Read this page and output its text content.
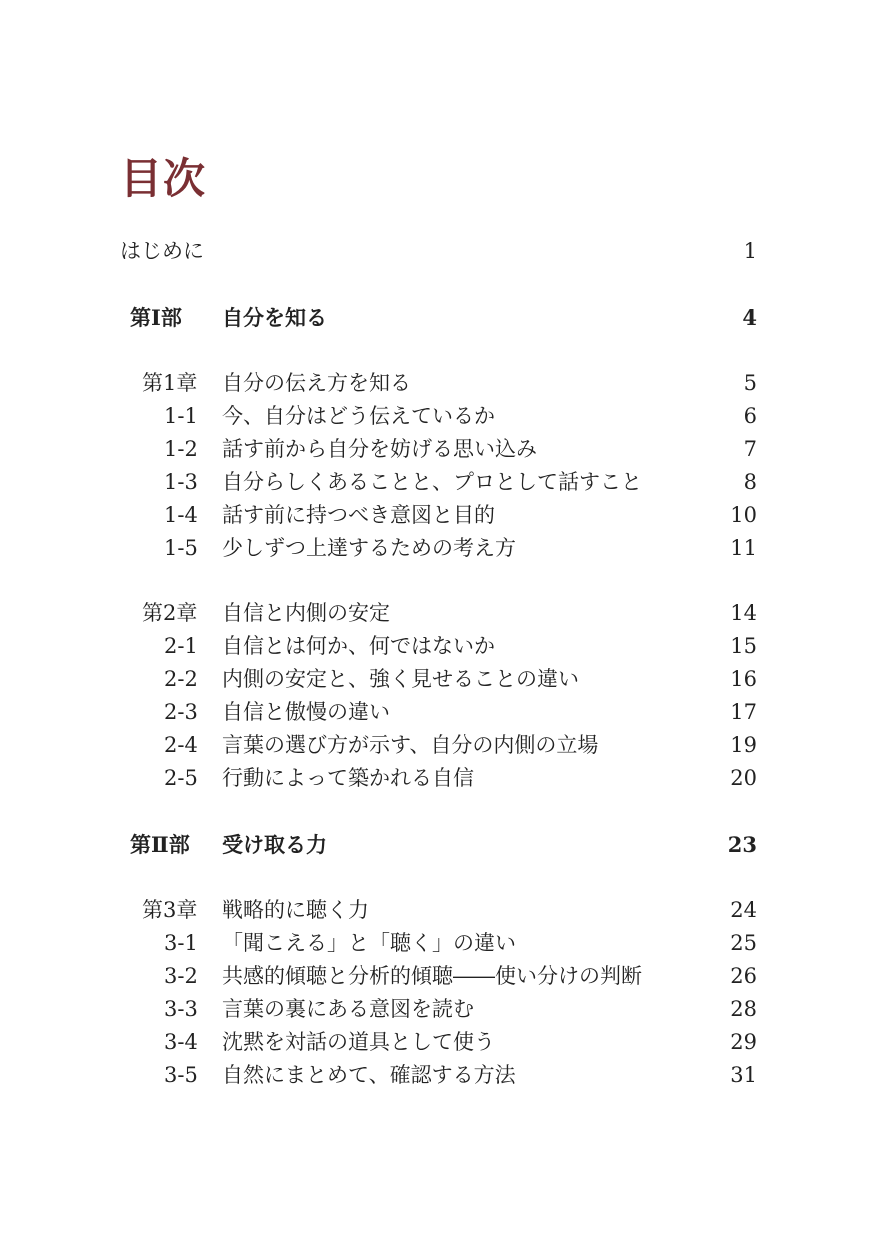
目次
はじめに	1
第Ⅰ部 自分を知る	4
第1章 自分の伝え方を知る	5
1-1 今、自分はどう伝えているか	6
1-2 話す前から自分を妨げる思い込み	7
1-3 自分らしくあることと、プロとして話すこと	8
1-4 話す前に持つべき意図と目的	10
1-5 少しずつ上達するための考え方	11
第2章 自信と内側の安定	14
2-1 自信とは何か、何ではないか	15
2-2 内側の安定と、強く見せることの違い	16
2-3 自信と傲慢の違い	17
2-4 言葉の選び方が示す、自分の内側の立場	19
2-5 行動によって築かれる自信	20
第Ⅱ部 受け取る力	23
第3章 戦略的に聴く力	24
3-1 「聞こえる」と「聴く」の違い	25
3-2 共感的傾聴と分析的傾聴――使い分けの判断	26
3-3 言葉の裏にある意図を読む	28
3-4 沈黙を対話の道具として使う	29
3-5 自然にまとめて、確認する方法	31
